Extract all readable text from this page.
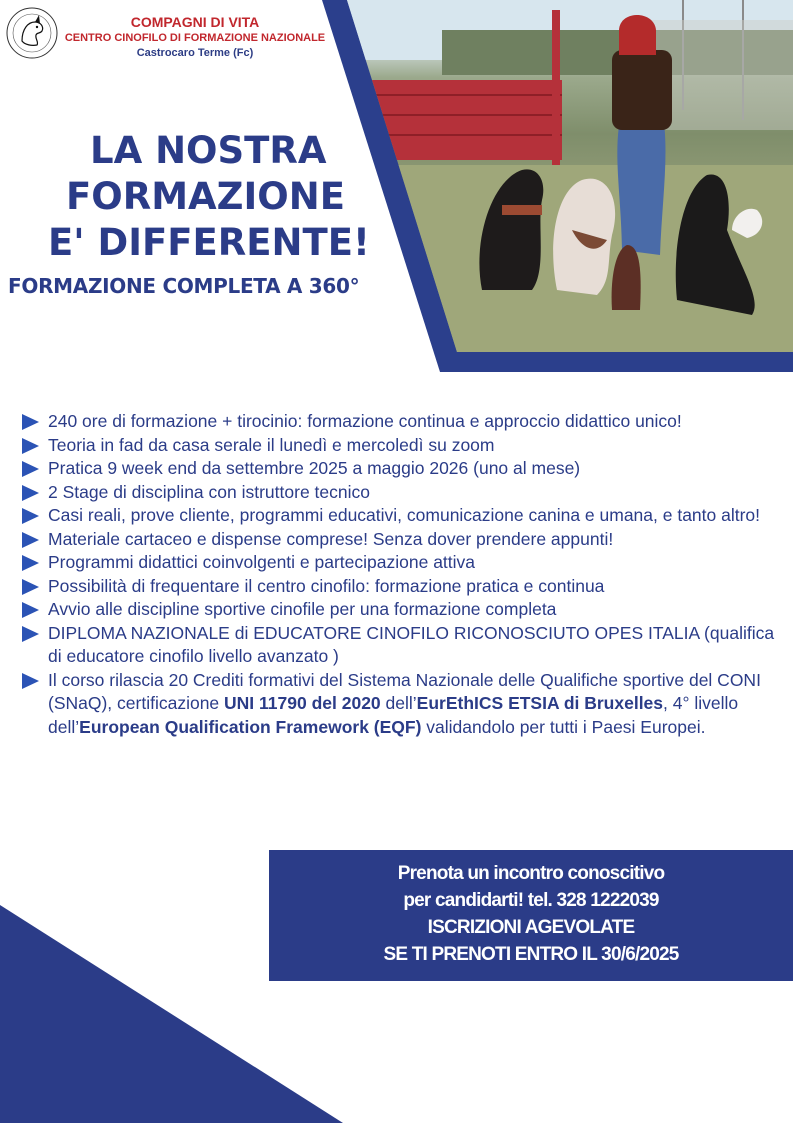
COMPAGNI DI VITA
CENTRO CINOFILO DI FORMAZIONE NAZIONALE
Castrocaro Terme (Fc)
LA NOSTRA
FORMAZIONE
E' DIFFERENTE!
FORMAZIONE COMPLETA A 360°
240 ore di formazione + tirocinio: formazione continua e approccio didattico unico!
Teoria in fad da casa serale il lunedì e mercoledì su zoom
Pratica 9 week end da settembre 2025 a maggio 2026 (uno al mese)
2 Stage di disciplina con istruttore tecnico
Casi reali, prove cliente, programmi educativi, comunicazione canina e umana, e tanto altro!
Materiale cartaceo e dispense comprese! Senza dover prendere appunti!
Programmi didattici coinvolgenti e partecipazione attiva
Possibilità di frequentare il centro cinofilo: formazione pratica e continua
Avvio alle discipline sportive cinofile per una formazione completa
DIPLOMA NAZIONALE di EDUCATORE CINOFILO RICONOSCIUTO OPES ITALIA (qualifica di educatore cinofilo livello avanzato )
Il corso rilascia 20 Crediti formativi del Sistema Nazionale delle Qualifiche sportive del CONI (SNaQ), certificazione UNI 11790 del 2020 dell’EurEthICS ETSIA di Bruxelles, 4° livello dell’European Qualification Framework (EQF) validandolo per tutti i Paesi Europei.
Prenota un incontro conoscitivo
per candidarti! tel. 328 1222039
ISCRIZIONI AGEVOLATE
SE TI PRENOTI ENTRO IL 30/6/2025
